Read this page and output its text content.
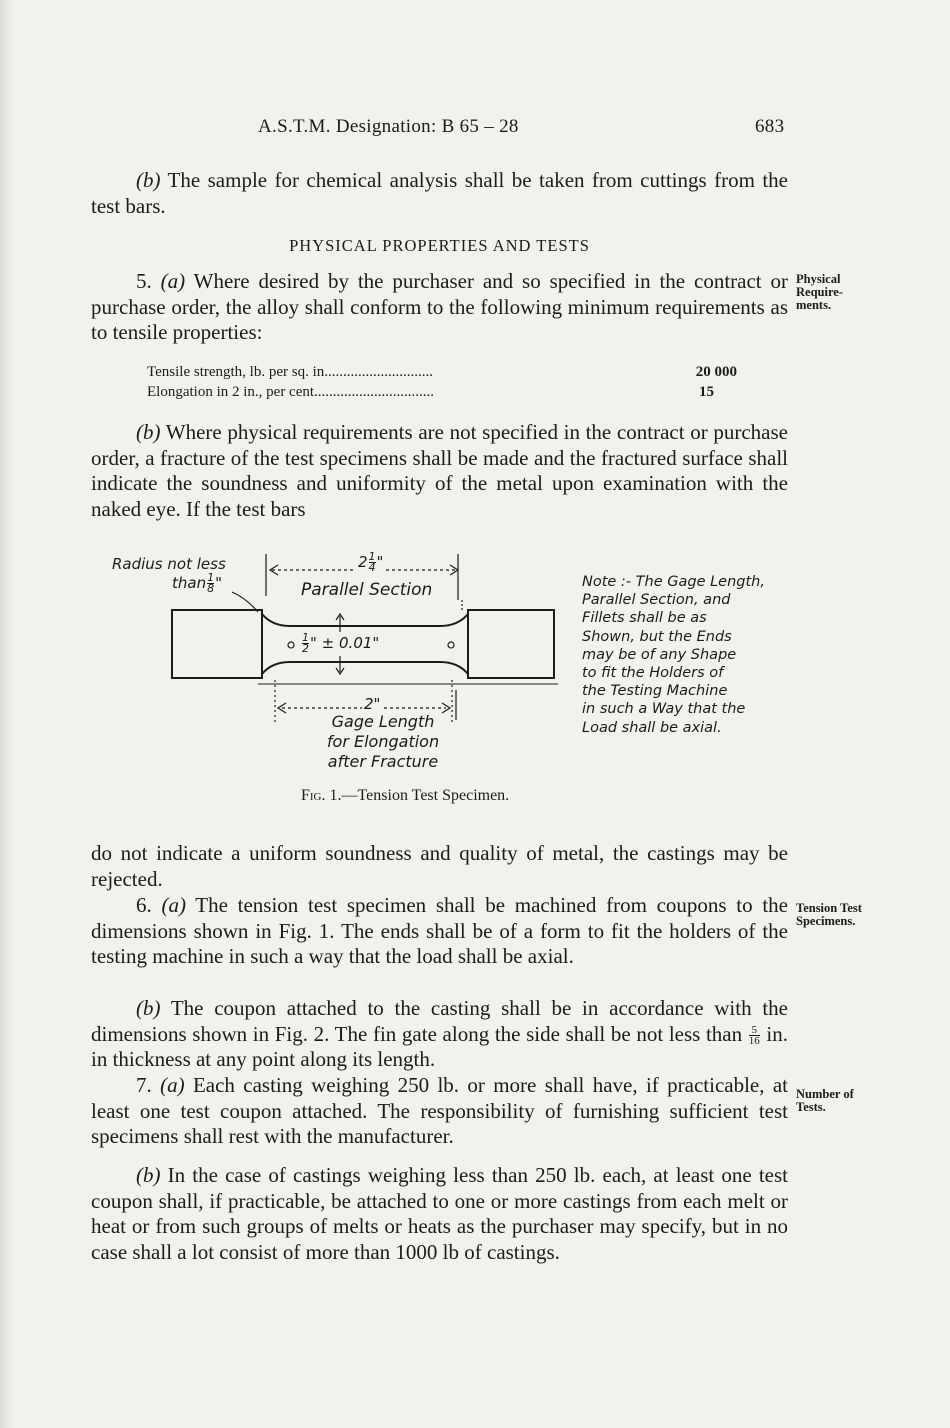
A.S.T.M. Designation: B 65 – 28	683

(b) The sample for chemical analysis shall be taken from cuttings from the test bars.

PHYSICAL PROPERTIES AND TESTS

5. (a) Where desired by the purchaser and so specified in the contract or purchase order, the alloy shall conform to the following minimum requirements as to tensile properties:

Physical
Require-
ments.
Tensile strength, lb. per sq. in.............................	20 000
Elongation in 2 in., per cent................................	15

(b) Where physical requirements are not specified in the contract or purchase order, a fracture of the test specimens shall be made and the fractured surface shall indicate the soundness and uniformity of the metal upon examination with the naked eye. If the test bars

Radius not less
than $\frac{1}{8}$ "
$2 \frac{1}{4}$ "
Parallel Section
$\frac{1}{2}$ " ± 0.01"
2"
Gage Length
for Elongation
after Fracture
Note :- The Gage Length,
Parallel Section, and
Fillets shall be as
Shown, but the Ends
may be of any Shape
to fit the Holders of
the Testing Machine
in such a Way that the
Load shall be axial.
Fig. 1.—Tension Test Specimen.

do not indicate a uniform soundness and quality of metal, the castings may be rejected.

6. (a) The tension test specimen shall be machined from coupons to the dimensions shown in Fig. 1. The ends shall be of a form to fit the holders of the testing machine in such a way that the load shall be axial.

Tension Test
Specimens.

(b) The coupon attached to the casting shall be in accordance with the dimensions shown in Fig. 2. The fin gate along the side shall be not less than $\frac{5}{16}$ in. in thickness at any point along its length.

7. (a) Each casting weighing 250 lb. or more shall have, if practicable, at least one test coupon attached. The responsibility of furnishing sufficient test specimens shall rest with the manufacturer.

Number of
Tests.

(b) In the case of castings weighing less than 250 lb. each, at least one test coupon shall, if practicable, be attached to one or more castings from each melt or heat or from such groups of melts or heats as the purchaser may specify, but in no case shall a lot consist of more than 1000 lb of castings.
